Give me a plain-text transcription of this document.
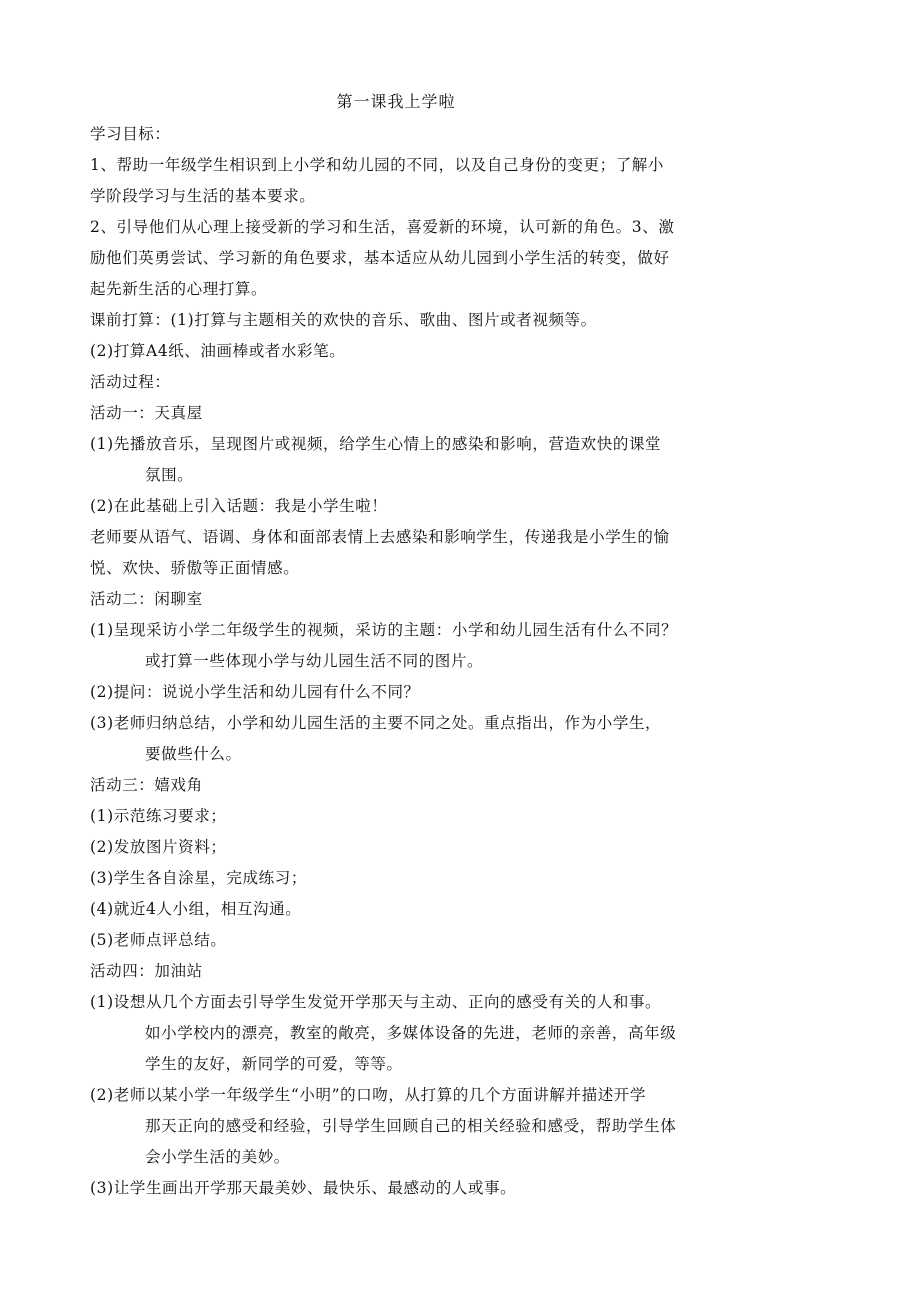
第一课我上学啦
学习目标：
1、帮助一年级学生相识到上小学和幼儿园的不同，以及自己身份的变更；了解小
学阶段学习与生活的基本要求。
2、引导他们从心理上接受新的学习和生活，喜爱新的环境，认可新的角色。3、激
励他们英勇尝试、学习新的角色要求，基本适应从幼儿园到小学生活的转变，做好
起先新生活的心理打算。
课前打算：(1)打算与主题相关的欢快的音乐、歌曲、图片或者视频等。
(2)打算A4纸、油画棒或者水彩笔。
活动过程：
活动一：天真屋
(1)先播放音乐，呈现图片或视频，给学生心情上的感染和影响，营造欢快的课堂
氛围。
(2)在此基础上引入话题：我是小学生啦！
老师要从语气、语调、身体和面部表情上去感染和影响学生，传递我是小学生的愉
悦、欢快、骄傲等正面情感。
活动二：闲聊室
(1)呈现采访小学二年级学生的视频，采访的主题：小学和幼儿园生活有什么不同？
或打算一些体现小学与幼儿园生活不同的图片。
(2)提问：说说小学生活和幼儿园有什么不同？
(3)老师归纳总结，小学和幼儿园生活的主要不同之处。重点指出，作为小学生，
要做些什么。
活动三：嬉戏角
(1)示范练习要求；
(2)发放图片资料；
(3)学生各自涂星，完成练习；
(4)就近4人小组，相互沟通。
(5)老师点评总结。
活动四：加油站
(1)设想从几个方面去引导学生发觉开学那天与主动、正向的感受有关的人和事。
如小学校内的漂亮，教室的敞亮，多媒体设备的先进，老师的亲善，高年级
学生的友好，新同学的可爱，等等。
(2)老师以某小学一年级学生“小明”的口吻，从打算的几个方面讲解并描述开学
那天正向的感受和经验，引导学生回顾自己的相关经验和感受，帮助学生体
会小学生活的美妙。
(3)让学生画出开学那天最美妙、最快乐、最感动的人或事。
